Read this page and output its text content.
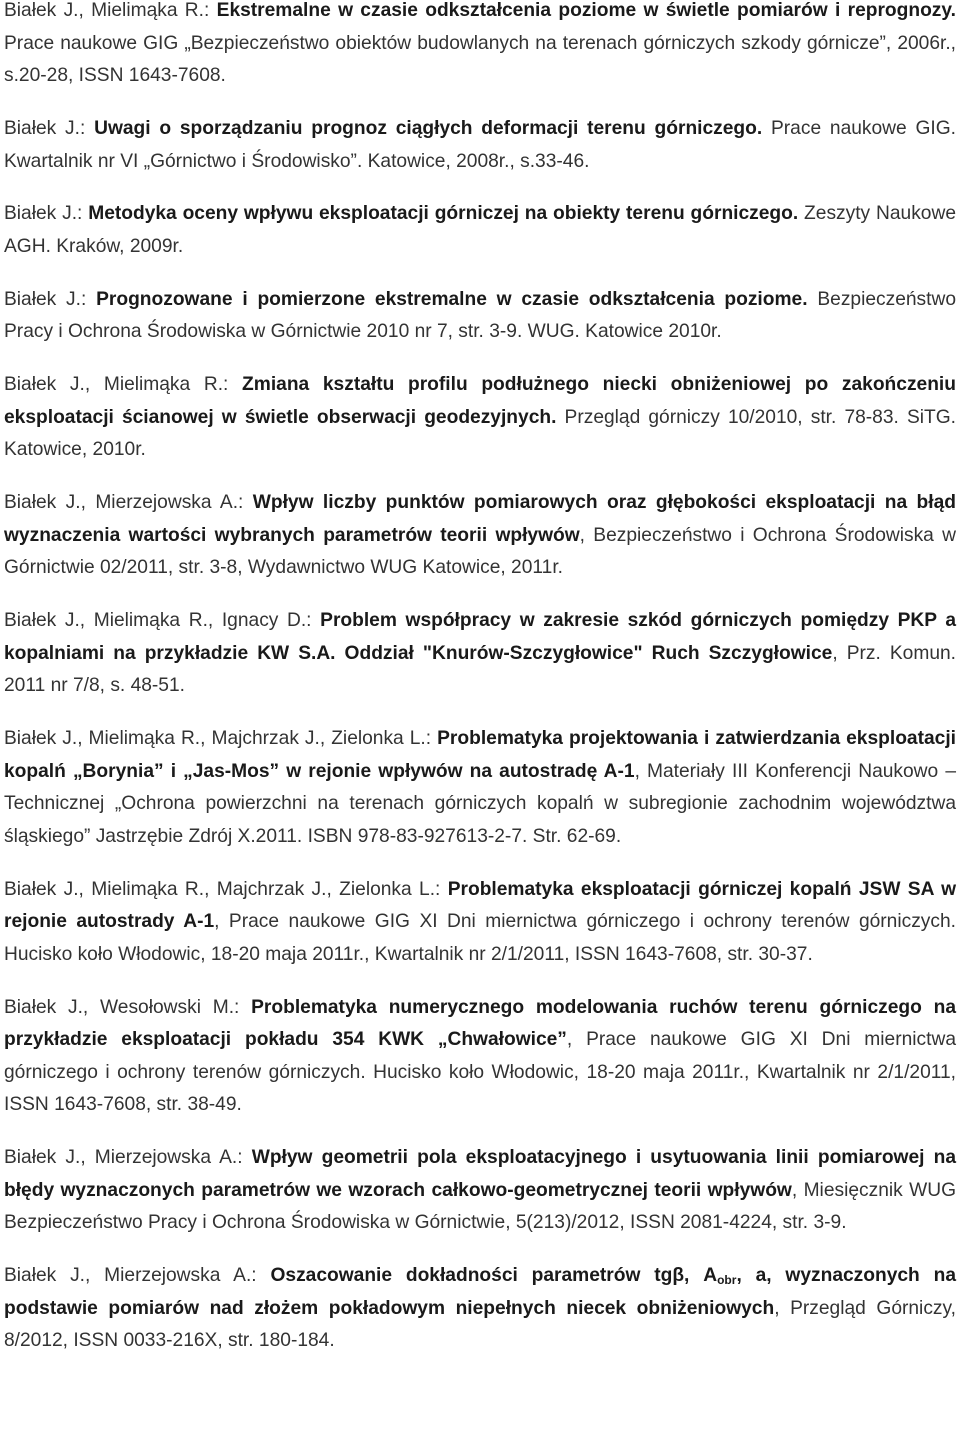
Białek J., Mielimąka R.: Ekstremalne w czasie odkształcenia poziome w świetle pomiarów i reprognozy. Prace naukowe GIG „Bezpieczeństwo obiektów budowlanych na terenach górniczych szkody górnicze”, 2006r., s.20-28, ISSN 1643-7608.

Białek J.: Uwagi o sporządzaniu prognoz ciągłych deformacji terenu górniczego. Prace naukowe GIG. Kwartalnik nr VI „Górnictwo i Środowisko”. Katowice, 2008r., s.33-46.

Białek J.: Metodyka oceny wpływu eksploatacji górniczej na obiekty terenu górniczego. Zeszyty Naukowe AGH. Kraków, 2009r.

Białek J.: Prognozowane i pomierzone ekstremalne w czasie odkształcenia poziome. Bezpieczeństwo Pracy i Ochrona Środowiska w Górnictwie 2010 nr 7, str. 3-9. WUG. Katowice 2010r.

Białek J., Mielimąka R.: Zmiana kształtu profilu podłużnego niecki obniżeniowej po zakończeniu eksploatacji ścianowej w świetle obserwacji geodezyjnych. Przegląd górniczy 10/2010, str. 78-83. SiTG. Katowice, 2010r.

Białek J., Mierzejowska A.: Wpływ liczby punktów pomiarowych oraz głębokości eksploatacji na błąd wyznaczenia wartości wybranych parametrów teorii wpływów, Bezpieczeństwo i Ochrona Środowiska w Górnictwie 02/2011, str. 3-8, Wydawnictwo WUG Katowice, 2011r.

Białek J., Mielimąka R., Ignacy D.: Problem współpracy w zakresie szkód górniczych pomiędzy PKP a kopalniami na przykładzie KW S.A. Oddział "Knurów-Szczygłowice" Ruch Szczygłowice, Prz. Komun. 2011 nr 7/8, s. 48-51.

Białek J., Mielimąka R., Majchrzak J., Zielonka L.: Problematyka projektowania i zatwierdzania eksploatacji kopalń „Borynia” i „Jas-Mos” w rejonie wpływów na autostradę A-1, Materiały III Konferencji Naukowo – Technicznej „Ochrona powierzchni na terenach górniczych kopalń w subregionie zachodnim województwa śląskiego” Jastrzębie Zdrój X.2011. ISBN 978-83-927613-2-7. Str. 62-69.

Białek J., Mielimąka R., Majchrzak J., Zielonka L.: Problematyka eksploatacji górniczej kopalń JSW SA w rejonie autostrady A-1, Prace naukowe GIG XI Dni miernictwa górniczego i ochrony terenów górniczych. Hucisko koło Włodowic, 18-20 maja 2011r., Kwartalnik nr 2/1/2011, ISSN 1643-7608, str. 30-37.

Białek J., Wesołowski M.: Problematyka numerycznego modelowania ruchów terenu górniczego na przykładzie eksploatacji pokładu 354 KWK „Chwałowice”, Prace naukowe GIG XI Dni miernictwa górniczego i ochrony terenów górniczych. Hucisko koło Włodowic, 18-20 maja 2011r., Kwartalnik nr 2/1/2011, ISSN 1643-7608, str. 38-49.

Białek J., Mierzejowska A.: Wpływ geometrii pola eksploatacyjnego i usytuowania linii pomiarowej na błędy wyznaczonych parametrów we wzorach całkowo-geometrycznej teorii wpływów, Miesięcznik WUG Bezpieczeństwo Pracy i Ochrona Środowiska w Górnictwie, 5(213)/2012, ISSN 2081-4224, str. 3-9.

Białek J., Mierzejowska A.: Oszacowanie dokładności parametrów tgβ, $A_{obr}$, a, wyznaczonych na podstawie pomiarów nad złożem pokładowym niepełnych niecek obniżeniowych, Przegląd Górniczy, 8/2012, ISSN 0033-216X, str. 180-184.
